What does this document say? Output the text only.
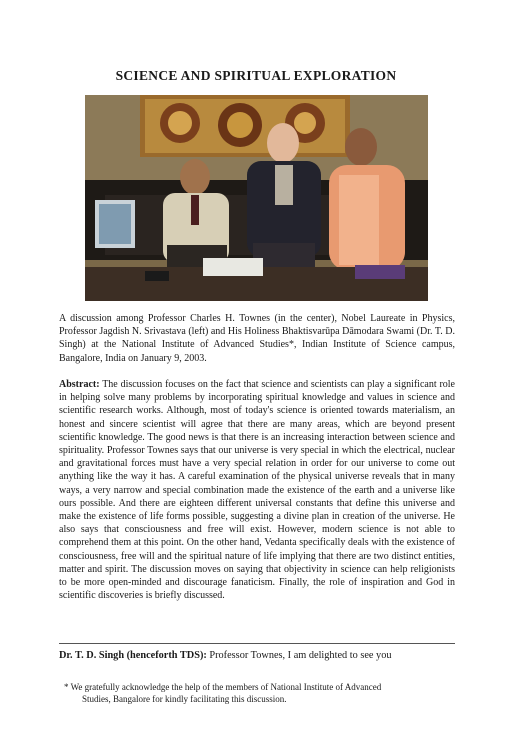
SCIENCE AND SPIRITUAL EXPLORATION
A discussion among Professor Charles H. Townes (in the center), Nobel Laureate in Physics, Professor Jagdish N. Srivastava (left) and His Holiness Bhaktisvarūpa Dāmodara Swami (Dr. T. D. Singh) at the National Institute of Advanced Studies*, Indian Institute of Science campus, Bangalore, India on January 9, 2003.
Abstract: The discussion focuses on the fact that science and scientists can play a significant role in helping solve many problems by incorporating spiritual knowledge and values in science and scientific research works. Although, most of today's science is oriented towards materialism, an honest and sincere scientist will agree that there are many areas, which are beyond present scientific knowledge. The good news is that there is an increasing interaction between science and spirituality. Professor Townes says that our universe is very special in which the electrical, nuclear and gravitational forces must have a very special relation in order for our universe to come out anything like the way it has. A careful examination of the physical universe reveals that in many ways, a very narrow and special combination made the existence of the earth and a universe like ours possible. And there are eighteen different universal constants that define this universe and make the existence of life forms possible, suggesting a divine plan in creation of the universe. He also says that consciousness and free will exist. However, modern science is not able to comprehend them at this point. On the other hand, Vedanta specifically deals with the existence of consciousness, free will and the spiritual nature of life implying that there are two distinct entities, matter and spirit. The discussion moves on saying that objectivity in science can help religionists to be more open-minded and discourage fanaticism. Finally, the role of inspiration and God in scientific discoveries is briefly discussed.
Dr. T. D. Singh (henceforth TDS): Professor Townes, I am delighted to see you
* We gratefully acknowledge the help of the members of National Institute of Advanced
Studies, Bangalore for kindly facilitating this discussion.
